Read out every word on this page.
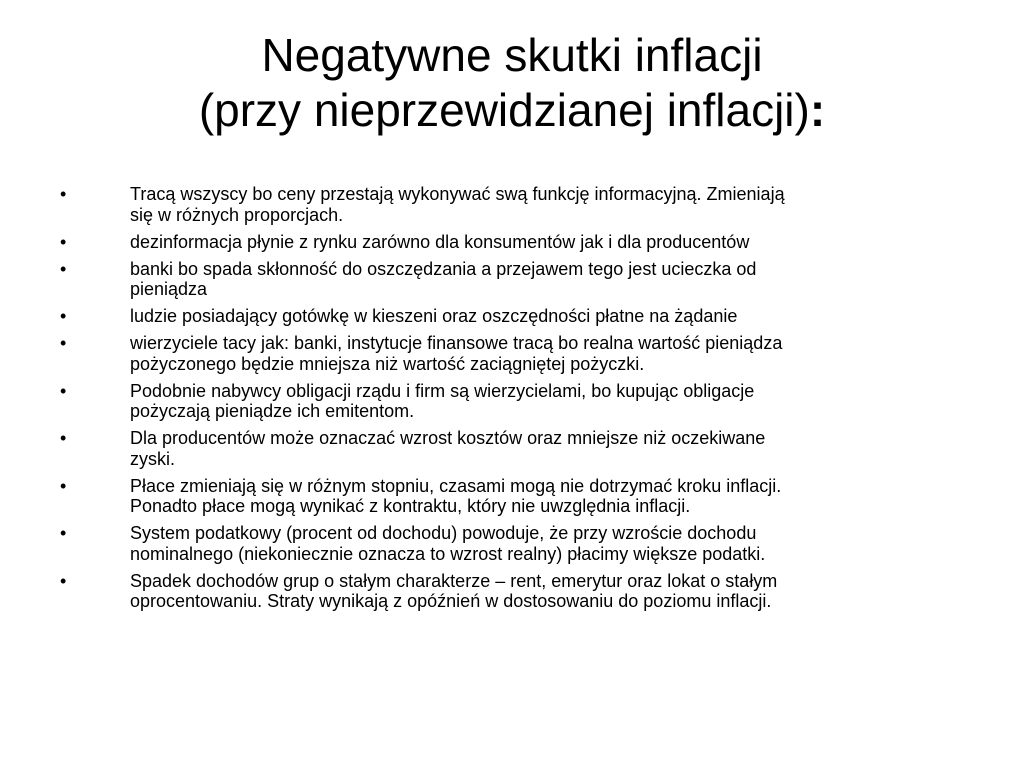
Negatywne skutki inflacji
(przy nieprzewidzianej inflacji):
•	Tracą wszyscy bo ceny przestają wykonywać swą funkcję informacyjną. Zmieniają
się w różnych proporcjach.
•	dezinformacja płynie z rynku zarówno dla konsumentów jak i dla producentów
•	banki bo spada skłonność do oszczędzania a przejawem tego jest ucieczka od
pieniądza
•	ludzie posiadający gotówkę w kieszeni oraz oszczędności płatne na żądanie
•	wierzyciele tacy jak: banki, instytucje finansowe tracą bo realna wartość pieniądza
pożyczonego będzie mniejsza niż wartość zaciągniętej pożyczki.
•	Podobnie nabywcy obligacji rządu i firm są wierzycielami, bo kupując obligacje
pożyczają pieniądze ich emitentom.
•	Dla producentów może oznaczać wzrost kosztów oraz mniejsze niż oczekiwane
zyski.
•	Płace zmieniają się w różnym stopniu, czasami mogą nie dotrzymać kroku inflacji.
Ponadto płace mogą wynikać z kontraktu, który nie uwzględnia inflacji.
•	System podatkowy (procent od dochodu) powoduje, że przy wzroście dochodu
nominalnego (niekoniecznie oznacza to wzrost realny) płacimy większe podatki.
•	Spadek dochodów grup o stałym charakterze – rent, emerytur oraz lokat o stałym
oprocentowaniu. Straty wynikają z opóźnień w dostosowaniu do poziomu inflacji.
